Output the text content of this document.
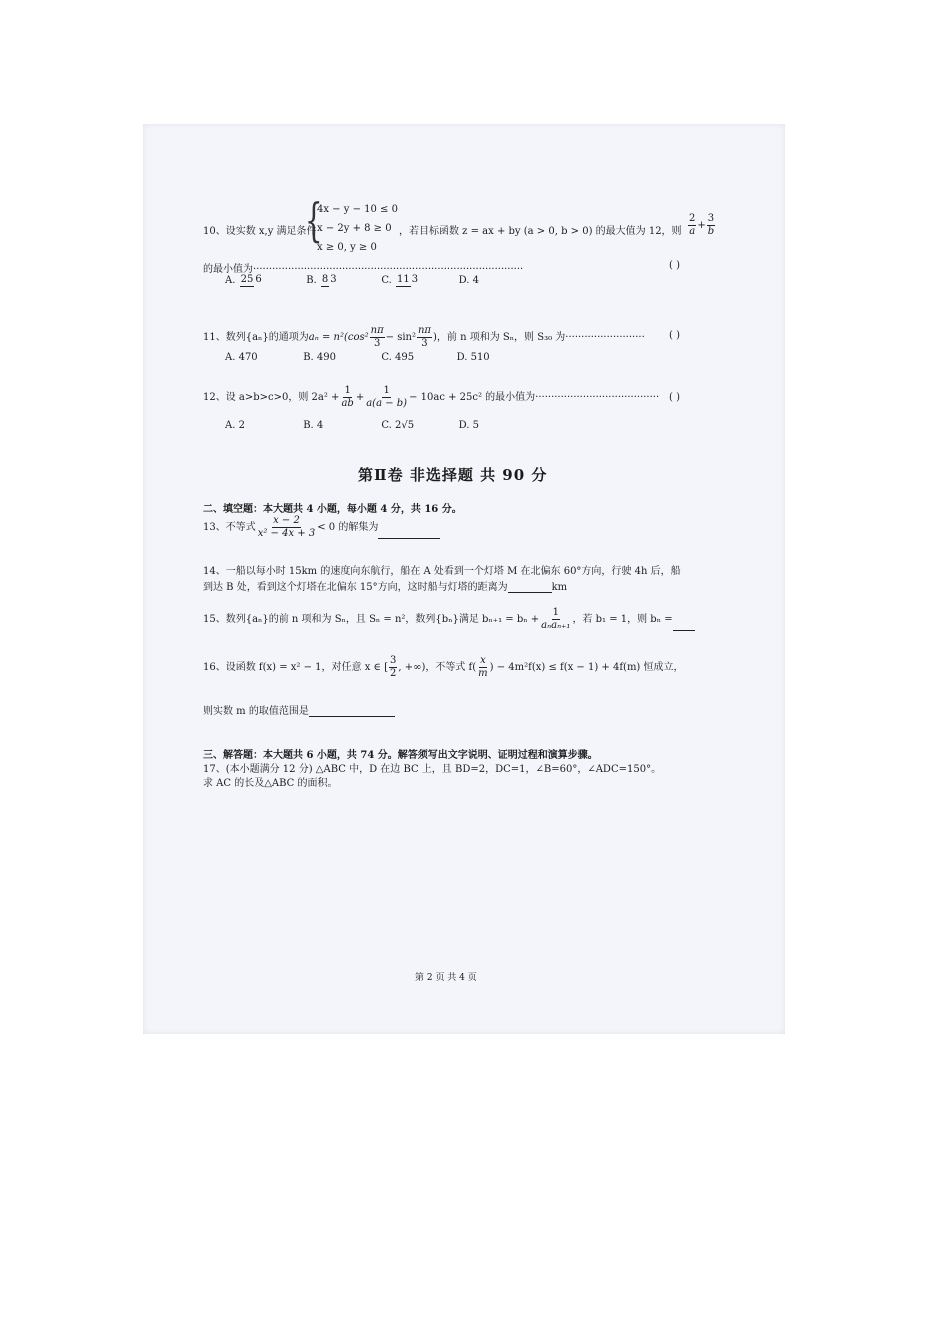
10、设实数 x,y 满足条件
{
4x − y − 10 ≤ 0
x − 2y + 8 ≥ 0
x ≥ 0, y ≥ 0
，若目标函数 z = ax + by (a > 0, b > 0) 的最大值为 12，则 $\frac{2}{a} + \frac{3}{b}$
的最小值为·····················································································	( )
A. 25 6	B. 8 3	C. 11 3	D. 4
11、数列{aₙ}的通项为$a_n = n^2(\cos^2 \frac{n\pi}{3} - \sin^2 \frac{n\pi}{3}$ )，前 n 项和为 Sₙ，则 S₃₀ 为························· ( )
A. 470	B. 490	C. 495	D. 510
12、设 a>b>c>0，则 $2a^2 + \frac{1}{ab} + \frac{1}{a(a - b)} - 10ac + 25c^2$ 的最小值为······································· ( )
A. 2	B. 4	C. 2√5	D. 5
第Ⅱ卷 非选择题 共 90 分
二、填空题：本大题共 4 小题，每小题 4 分，共 16 分。
13、不等式 $\frac{x - 2}{\text{x² − 4x + 3}} < 0$ 的解集为
14、一船以每小时 15km 的速度向东航行，船在 A 处看到一个灯塔 M 在北偏东 60°方向，行驶 4h 后，船
到达 B 处，看到这个灯塔在北偏东 15°方向，这时船与灯塔的距离为	km
15、数列{aₙ}的前 n 项和为 Sₙ，且 Sₙ = n²，数列{bₙ}满足 $b_{n+1} = b_n + \frac{1}{\text{aₙaₙ₊₁}}$ ，若 b₁ = 1，则 bₙ =
16、设函数 f(x) = x² − 1，对任意 x ∈ [ $\frac{3}{2}$ , +∞)，不等式 $f( \frac{x}{m}$ ) − 4m²f(x) ≤ f(x − 1) + 4f(m) 恒成立，
则实数 m 的取值范围是
三、解答题：本大题共 6 小题，共 74 分。解答须写出文字说明、证明过程和演算步骤。
17、(本小题满分 12 分) △ABC 中，D 在边 BC 上，且 BD=2，DC=1，∠B=60°，∠ADC=150°。
求 AC 的长及△ABC 的面积。
第 2 页 共 4 页
